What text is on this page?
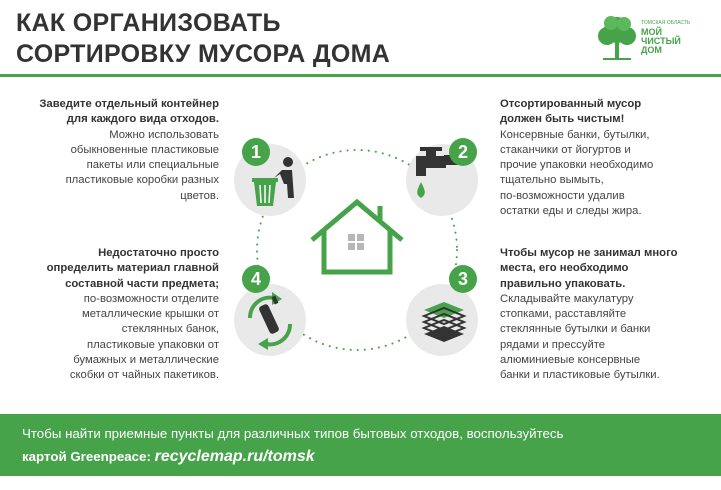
КАК ОРГАНИЗОВАТЬ
СОРТИРОВКУ МУСОРА ДОМА
ТОМСКАЯ ОБЛАСТЬ
МОЙ
ЧИСТЫЙ
ДОМ
Заведите отдельный контейнер
для каждого вида отходов.
Можно использовать
обыкновенные пластиковые
пакеты или специальные
пластиковые коробки разных
цветов.
Недостаточно просто
определить материал главной
составной части предмета;
по-возможности отделите
металлические крышки от
стеклянных банок,
пластиковые упаковки от
бумажных и металлические
скобки от чайных пакетиков.
Отсортированный мусор
должен быть чистым!
Консервные банки, бутылки,
стаканчики от йогуртов и
прочие упаковки необходимо
тщательно вымыть,
по-возможности удалив
остатки еды и следы жира.
Чтобы мусор не занимал много
места, его необходимо
правильно упаковать.
Складывайте макулатуру
стопками, расставляйте
стеклянные бутылки и банки
рядами и прессуйте
алюминиевые консервные
банки и пластиковые бутылки.
1	2
3
4
Чтобы найти приемные пункты для различных типов бытовых отходов, воспользуйтесь
картой Greenpeace: recyclemap.ru/tomsk
